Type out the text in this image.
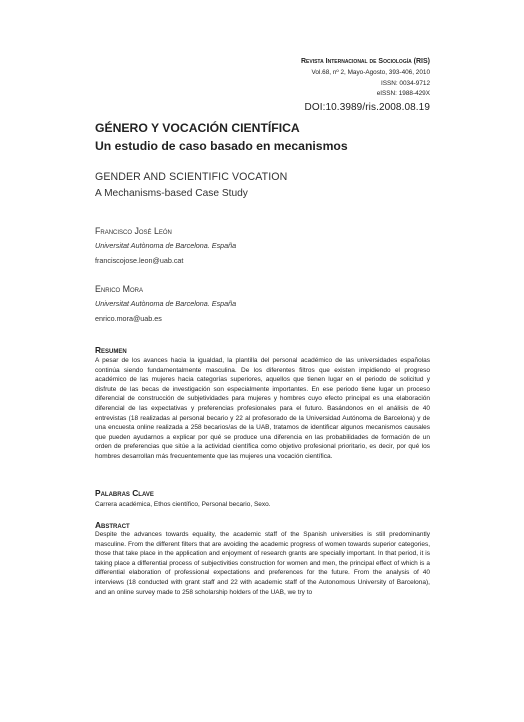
Revista Internacional de Sociología (RIS)
Vol.68, nº 2, Mayo-Agosto, 393-406, 2010
ISSN: 0034-9712
eISSN: 1988-429X
DOI:10.3989/ris.2008.08.19
GÉNERO Y VOCACIÓN CIENTÍFICA
Un estudio de caso basado en mecanismos
GENDER AND SCIENTIFIC VOCATION
A Mechanisms-based Case Study
Francisco José León
Universitat Autònoma de Barcelona. España
franciscojose.leon@uab.cat
Enrico Mora
Universitat Autònoma de Barcelona. España
enrico.mora@uab.es
Resumen
A pesar de los avances hacia la igualdad, la plantilla del personal académico de las universidades españolas continúa siendo fundamentalmente masculina. De los diferentes filtros que existen impidiendo el progreso académico de las mujeres hacia categorías superiores, aquellos que tienen lugar en el periodo de solicitud y disfrute de las becas de investigación son especialmente importantes. En ese periodo tiene lugar un proceso diferencial de construcción de subjetividades para mujeres y hombres cuyo efecto principal es una elaboración diferencial de las expectativas y preferencias profesionales para el futuro. Basándonos en el análisis de 40 entrevistas (18 realizadas al personal becario y 22 al profesorado de la Universidad Autónoma de Barcelona) y de una encuesta online realizada a 258 becarios/as de la UAB, tratamos de identificar algunos mecanismos causales que pueden ayudarnos a explicar por qué se produce una diferencia en las probabilidades de formación de un orden de preferencias que sitúe a la actividad científica como objetivo profesional prioritario, es decir, por qué los hombres desarrollan más frecuentemente que las mujeres una vocación científica.
Palabras Clave
Carrera académica, Ethos científico, Personal becario, Sexo.
Abstract
Despite the advances towards equality, the academic staff of the Spanish universities is still predominantly masculine. From the different filters that are avoiding the academic progress of women towards superior categories, those that take place in the application and enjoyment of research grants are specially important. In that period, it is taking place a differential process of subjectivities construction for women and men, the principal effect of which is a differential elaboration of professional expectations and preferences for the future. From the analysis of 40 interviews (18 conducted with grant staff and 22 with academic staff of the Autonomous University of Barcelona), and an online survey made to 258 scholarship holders of the UAB, we try to
